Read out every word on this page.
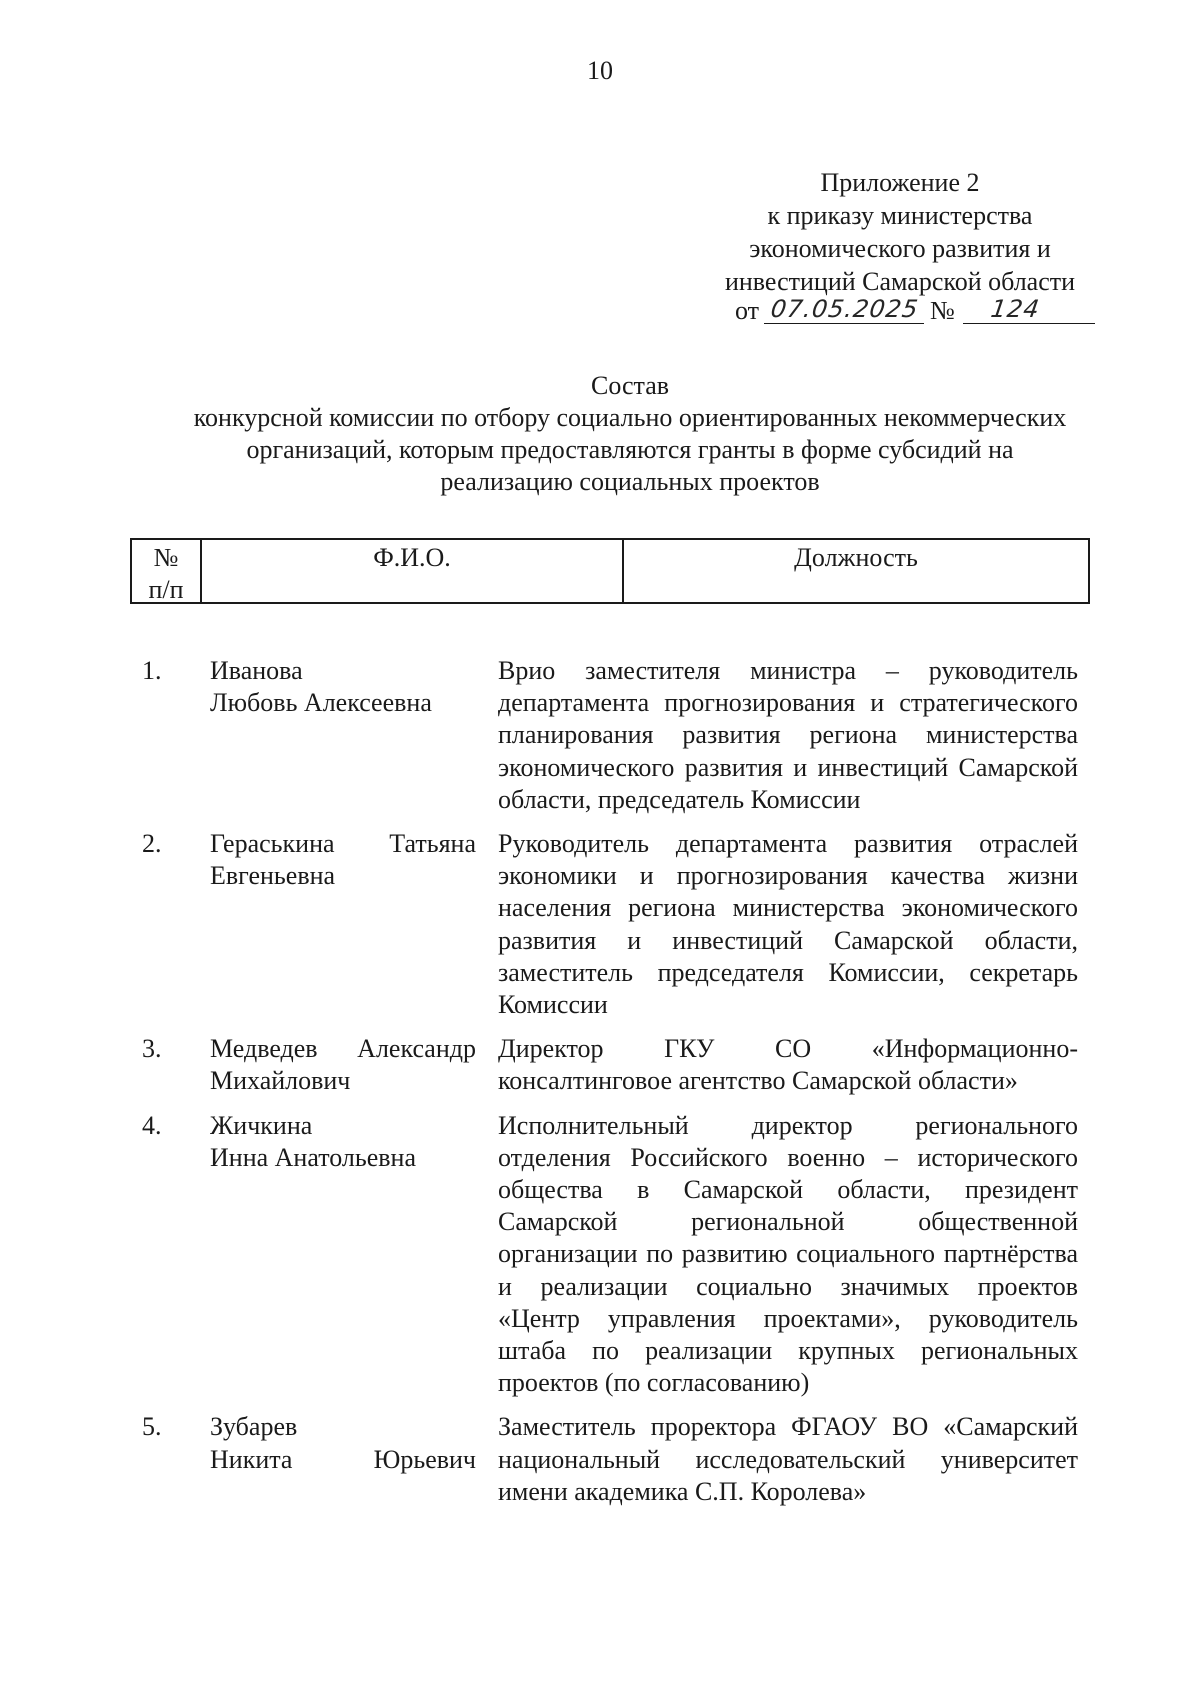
10
Приложение 2
к приказу министерства
экономического развития и
инвестиций Самарской области
от 07.05.2025 № 124
Состав
конкурсной комиссии по отбору социально ориентированных некоммерческих
организаций, которым предоставляются гранты в форме субсидий на
реализацию социальных проектов
№
п/п
Ф.И.О.	Должность
1. Иванова
Любовь Алексеевна
Врио заместителя министра – руководитель департамента прогнозирования и стратегического планирования развития региона министерства экономического развития и инвестиций Самарской области, председатель Комиссии
2. Гераськина Татьяна
Евгеньевна
Руководитель департамента развития отраслей экономики и прогнозирования качества жизни населения региона министерства экономического развития и инвестиций Самарской области, заместитель председателя Комиссии, секретарь Комиссии
3. Медведев Александр
Михайлович
Директор ГКУ СО «Информационно-консалтинговое агентство Самарской области»
4. Жичкина
Инна Анатольевна
Исполнительный директор регионального отделения Российского военно – исторического общества в Самарской области, президент Самарской региональной общественной организации по развитию социального партнёрства и реализации социально значимых проектов «Центр управления проектами», руководитель штаба по реализации крупных региональных проектов (по согласованию)
5. Зубарев
Никита Юрьевич
Заместитель проректора ФГАОУ ВО «Самарский национальный исследовательский университет имени академика С.П. Королева»
